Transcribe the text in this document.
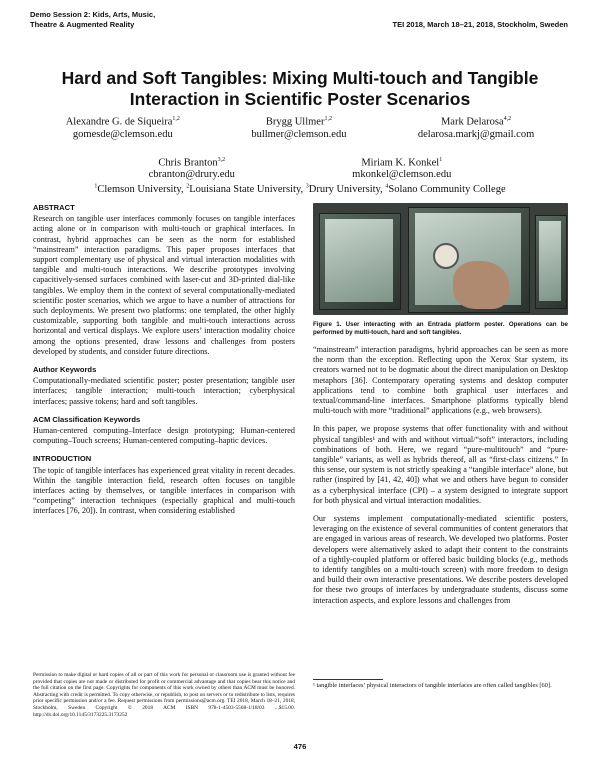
Demo Session 2: Kids, Arts, Music,
Theatre & Augmented Reality	TEI 2018, March 18–21, 2018, Stockholm, Sweden
Hard and Soft Tangibles: Mixing Multi-touch and Tangible
Interaction in Scientific Poster Scenarios
Alexandre G. de Siqueira$^{1,2}$
gomesde@clemson.edu
Brygg Ullmer$^{1,2}$
bullmer@clemson.edu
Mark Delarosa$^{4,2}$
delarosa.markj@gmail.com
Chris Branton$^{3,2}$
cbranton@drury.edu
Miriam K. Konkel$^1$
mkonkel@clemson.edu
$^1$Clemson University, $^2$Louisiana State University, $^3$Drury University, $^4$Solano Community College
ABSTRACT

Research on tangible user interfaces commonly focuses on tangible interfaces acting alone or in comparison with multi-touch or graphical interfaces. In contrast, hybrid approaches can be seen as the norm for established “mainstream” interaction paradigms. This paper proposes interfaces that support complementary use of physical and virtual interaction modalities with tangible and multi-touch interactions. We describe prototypes involving capacitively-sensed surfaces combined with laser-cut and 3D-printed dial-like tangibles. We employ them in the context of several computationally-mediated scientific poster scenarios, which we argue to have a number of attractions for such deployments. We present two platforms: one templated, the other highly customizable, supporting both tangible and multi-touch interactions across horizontal and vertical displays. We explore users’ interaction modality choice among the options presented, draw lessons and challenges from posters developed by students, and consider future directions.

Author Keywords

Computationally-mediated scientific poster; poster presentation; tangible user interfaces; tangible interaction; multi-touch interaction; cyberphysical interfaces; passive tokens; hard and soft tangibles.

ACM Classification Keywords

Human-centered computing–Interface design prototyping; Human-centered computing–Touch screens; Human-centered computing–haptic devices.

INTRODUCTION

The topic of tangible interfaces has experienced great vitality in recent decades. Within the tangible interaction field, research often focuses on tangible interfaces acting by themselves, or tangible interfaces in comparison with “competing” interaction techniques (especially graphical and multi-touch interfaces [76, 20]). In contrast, when considering established

Permission to make digital or hard copies of all or part of this work for personal or classroom use is granted without fee provided that copies are not made or distributed for profit or commercial advantage and that copies bear this notice and the full citation on the first page. Copyrights for components of this work owned by others than ACM must be honored. Abstracting with credit is permitted. To copy otherwise, or republish, to post on servers or to redistribute to lists, requires prior specific permission and/or a fee. Request permissions from permissions@acm.org. TEI 2018, March 18–21, 2018, Stockholm, Sweden Copyright © 2018 ACM ISBN 978-1-4503-5568-1/18/03 ...$15.00. http://dx.doi.org/10.1145/3173225.3173252
Figure 1. User interacting with an Entrada platform poster. Operations can be performed by multi-touch, hard and soft tangibles.

“mainstream” interaction paradigms, hybrid approaches can be seen as more the norm than the exception. Reflecting upon the Xerox Star system, its creators warned not to be dogmatic about the direct manipulation on Desktop metaphors [36]. Contemporary operating systems and desktop computer applications tend to combine both graphical user interfaces and textual/command-line interfaces. Smartphone platforms typically blend multi-touch with more “traditional” applications (e.g., web browsers).

In this paper, we propose systems that offer functionality with and without physical tangibles¹ and with and without virtual/“soft” interactors, including combinations of both. Here, we regard “pure-multitouch” and “pure-tangible” variants, as well as hybrids thereof, all as “first-class citizens.” In this sense, our system is not strictly speaking a “tangible interface” alone, but rather (inspired by [41, 42, 40]) what we and others have begun to consider as a cyberphysical interface (CPI) – a system designed to integrate support for both physical and virtual interaction modalities.

Our systems implement computationally-mediated scientific posters, leveraging on the existence of several communities of content generators that are engaged in various areas of research. We developed two platforms. Poster developers were alternatively asked to adapt their content to the constraints of a tightly-coupled platform or offered basic building blocks (e.g., methods to identify tangibles on a multi-touch screen) with more freedom to design and build their own interactive presentations. We describe posters developed for these two groups of interfaces by undergraduate students, discuss some interaction aspects, and explore lessons and challenges from

¹ tangible interfaces’ physical interactors of tangible interfaces are often called tangibles [60].
476
